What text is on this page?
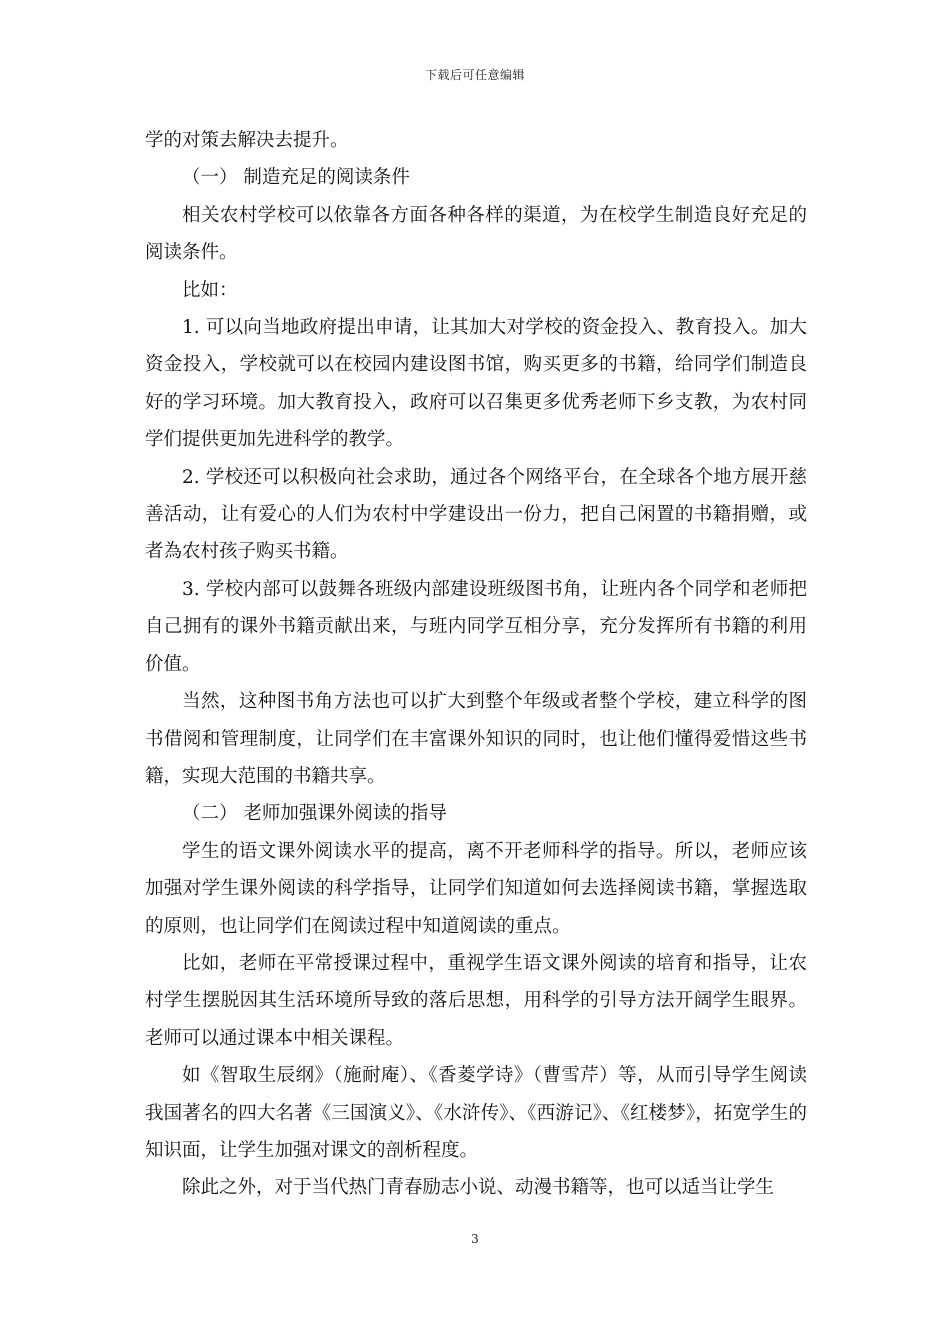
下载后可任意编辑

学的对策去解决去提升。

（一） 制造充足的阅读条件

相关农村学校可以依靠各方面各种各样的渠道，为在校学生制造良好充足的阅读条件。

比如：

1. 可以向当地政府提出申请，让其加大对学校的资金投入、教育投入。加大资金投入，学校就可以在校园内建设图书馆，购买更多的书籍，给同学们制造良好的学习环境。加大教育投入，政府可以召集更多优秀老师下乡支教，为农村同学们提供更加先进科学的教学。

2. 学校还可以积极向社会求助，通过各个网络平台，在全球各个地方展开慈善活动，让有爱心的人们为农村中学建设出一份力，把自己闲置的书籍捐赠，或者為农村孩子购买书籍。

3. 学校内部可以鼓舞各班级内部建设班级图书角，让班内各个同学和老师把自己拥有的课外书籍贡献出来，与班内同学互相分享，充分发挥所有书籍的利用价值。

当然，这种图书角方法也可以扩大到整个年级或者整个学校，建立科学的图书借阅和管理制度，让同学们在丰富课外知识的同时，也让他们懂得爱惜这些书籍，实现大范围的书籍共享。

（二） 老师加强课外阅读的指导

学生的语文课外阅读水平的提高，离不开老师科学的指导。所以，老师应该加强对学生课外阅读的科学指导，让同学们知道如何去选择阅读书籍，掌握选取的原则，也让同学们在阅读过程中知道阅读的重点。

比如，老师在平常授课过程中，重视学生语文课外阅读的培育和指导，让农村学生摆脱因其生活环境所导致的落后思想，用科学的引导方法开阔学生眼界。老师可以通过课本中相关课程。

如《智取生辰纲》（施耐庵）、《香菱学诗》（曹雪芹）等，从而引导学生阅读我国著名的四大名著《三国演义》、《水浒传》、《西游记》、《红楼梦》，拓宽学生的知识面，让学生加强对课文的剖析程度。

除此之外，对于当代热门青春励志小说、动漫书籍等，也可以适当让学生

3
